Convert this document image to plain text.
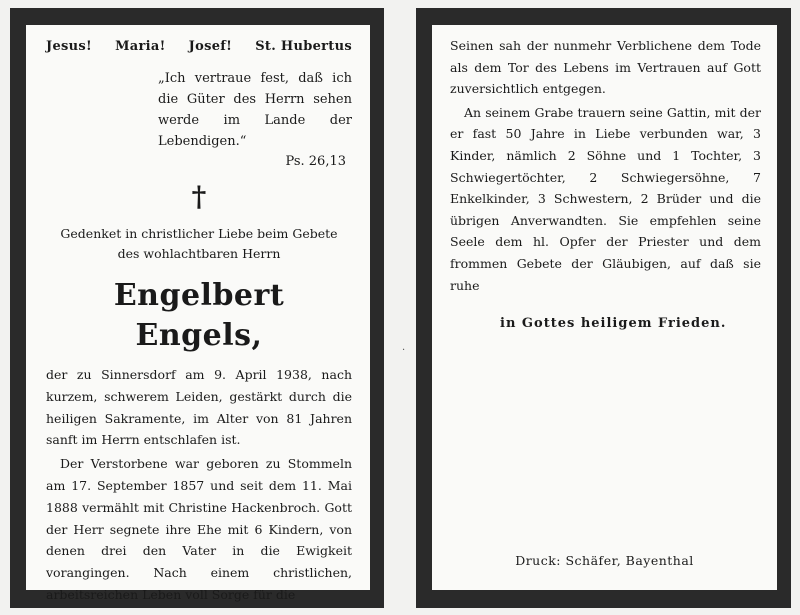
Jesus! Maria! Josef! St. Hubertus
„Ich vertraue fest, daß ich die Güter des Herrn sehen werde im Lande der Lebendigen.“
Ps. 26,13
†
Gedenket in christlicher Liebe beim Gebete
des wohlachtbaren Herrn
Engelbert Engels,

der zu Sinnersdorf am 9. April 1938, nach kurzem, schwerem Leiden, gestärkt durch die heiligen Sakramente, im Alter von 81 Jahren sanft im Herrn entschlafen ist.

Der Verstorbene war geboren zu Stommeln am 17. September 1857 und seit dem 11. Mai 1888 vermählt mit Christine Hackenbroch. Gott der Herr segnete ihre Ehe mit 6 Kindern, von denen drei den Vater in die Ewigkeit vorangingen. Nach einem christlichen, arbeitsreichen Leben voll Sorge für die

·

Seinen sah der nunmehr Verblichene dem Tode als dem Tor des Lebens im Vertrauen auf Gott zuversichtlich entgegen.

An seinem Grabe trauern seine Gattin, mit der er fast 50 Jahre in Liebe verbunden war, 3 Kinder, nämlich 2 Söhne und 1 Tochter, 3 Schwiegertöchter, 2 Schwiegersöhne, 7 Enkelkinder, 3 Schwestern, 2 Brüder und die übrigen Anverwandten. Sie empfehlen seine Seele dem hl. Opfer der Priester und dem frommen Gebete der Gläubigen, auf daß sie ruhe

in Gottes heiligem Frieden.
Druck: Schäfer, Bayenthal
